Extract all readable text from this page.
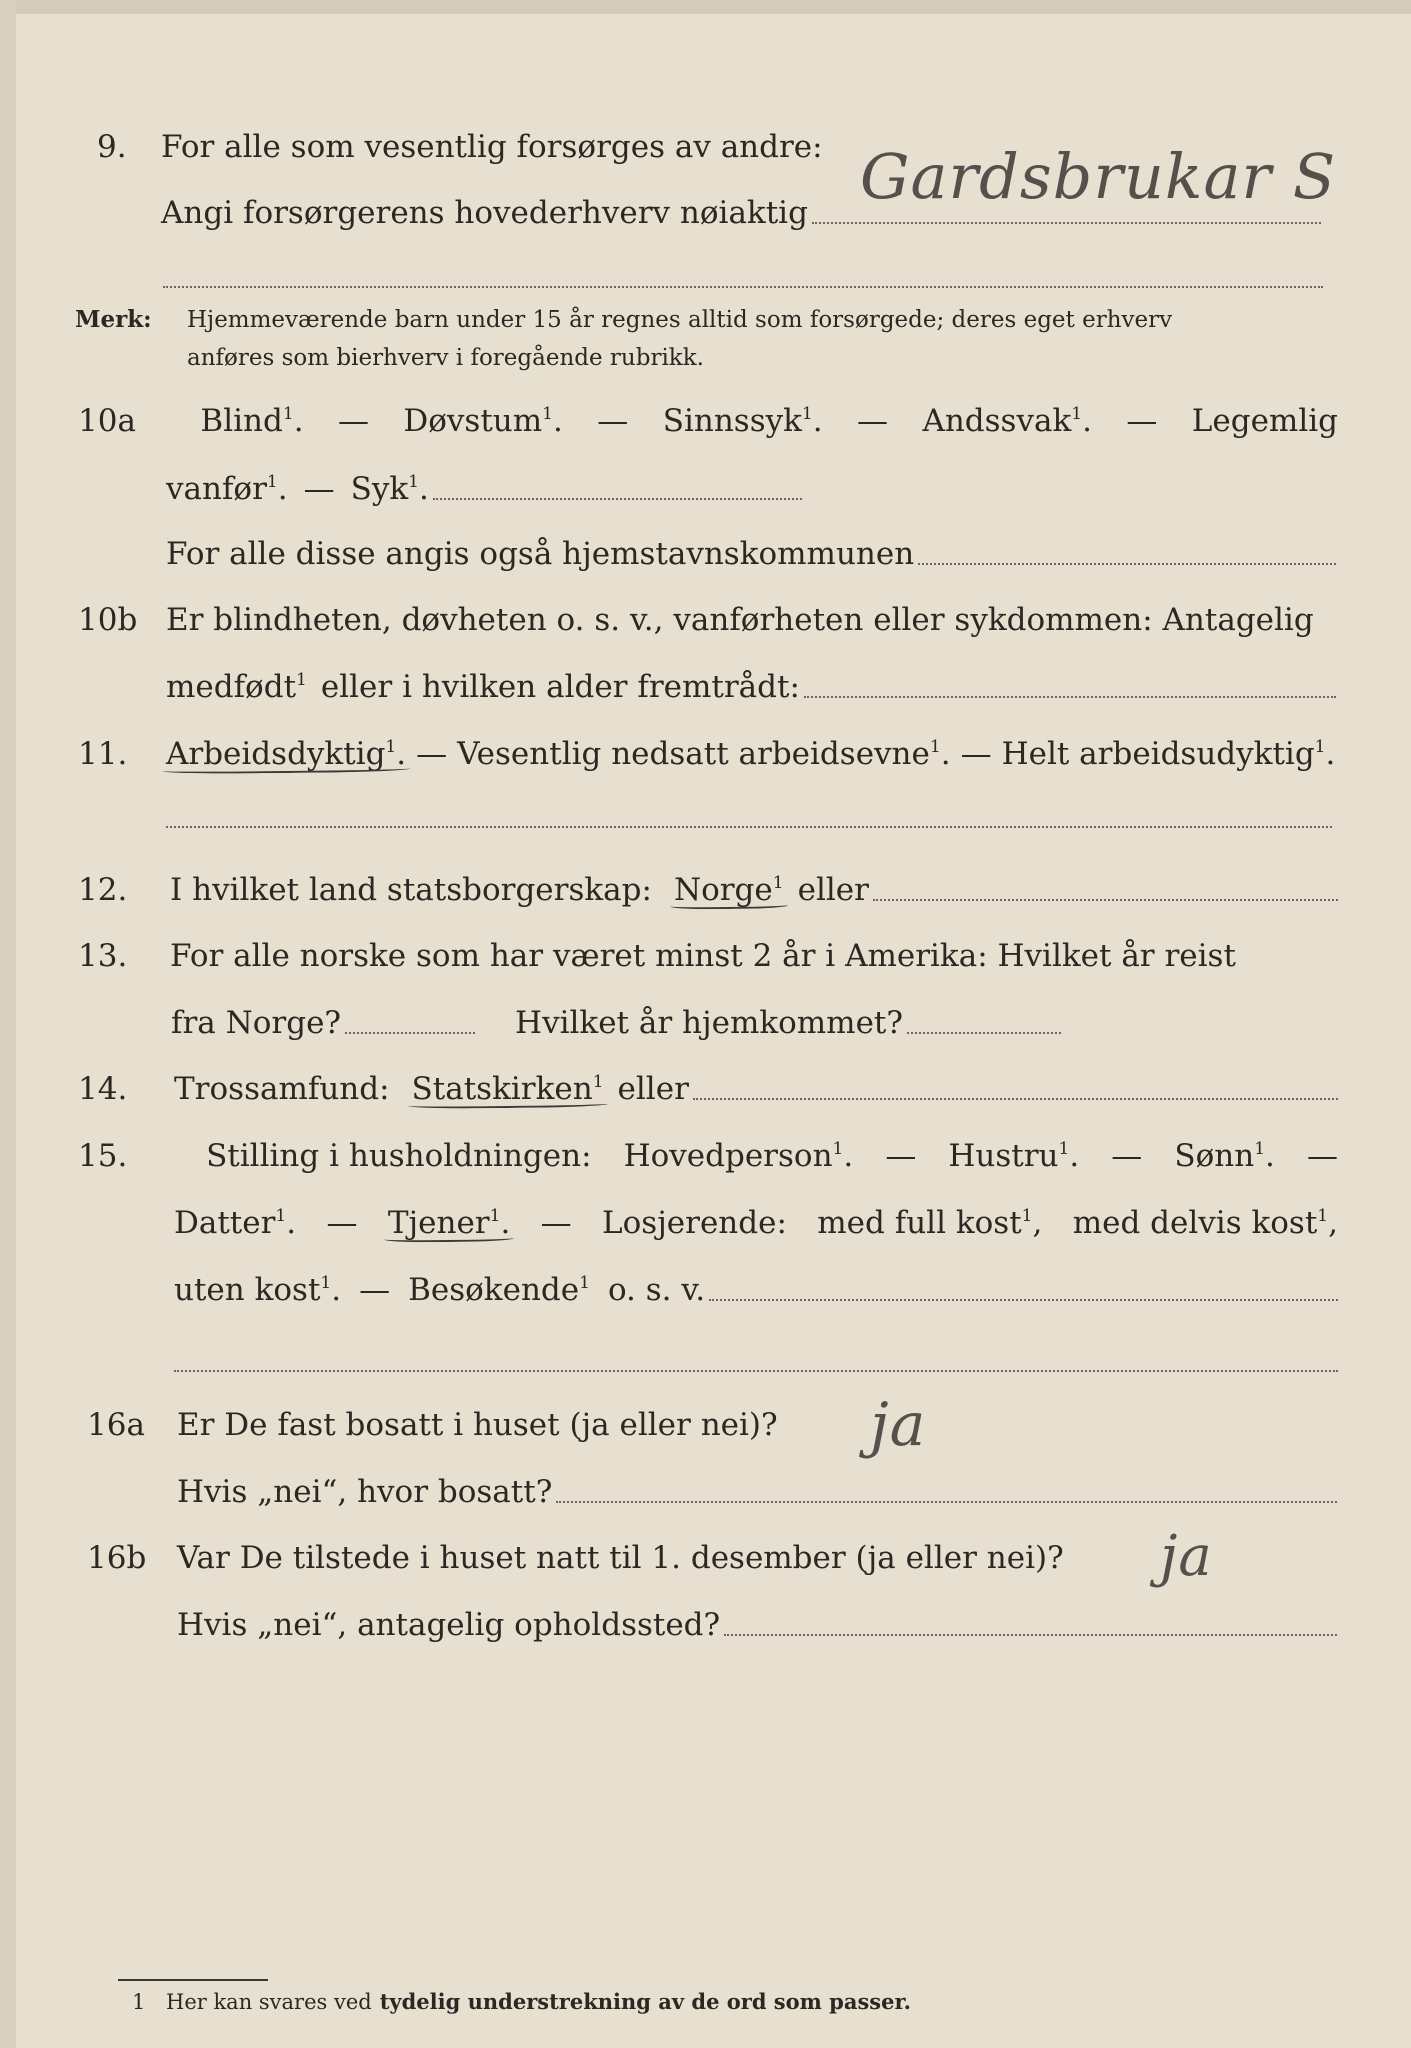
9.	For alle som vesentlig forsørges av andre:
Angi forsørgerens hovederhverv nøiaktig Gardsbrukar S
Merk:	Hjemmeværende barn under 15 år regnes alltid som forsørgede; deres eget erhverv
anføres som bierhverv i foregående rubrikk.
10a	Blind$^1$. — Døvstum$^1$. — Sinnssyk$^1$. — Andssvak$^1$. — Legemlig
vanfør$^1$. — Syk$^1$.
For alle disse angis også hjemstavnskommunen
10b Er blindheten, døvheten o. s. v., vanførheten eller sykdommen: Antagelig
medfødt$^1$ eller i hvilken alder fremtrådt:
11.	Arbeidsdyktig$^1$. — Vesentlig nedsatt arbeidsevne$^1$. — Helt arbeidsudyktig$^1$.
12.	I hvilket land statsborgerskap: Norge$^1$ eller
13.	For alle norske som har været minst 2 år i Amerika: Hvilket år reist
fra Norge?	Hvilket år hjemkommet?
14.	Trossamfund: Statskirken$^1$ eller
15.	Stilling i husholdningen: Hovedperson$^1$. — Hustru$^1$. — Sønn$^1$. —
Datter$^1$. — Tjener$^1$. — Losjerende: med full kost$^1$, med delvis kost$^1$,
uten kost$^1$. — Besøkende$^1$ o. s. v.
16a	Er De fast bosatt i huset (ja eller nei)? ja
Hvis „nei“, hvor bosatt?
16b Var De tilstede i huset natt til 1. desember (ja eller nei)? ja
Hvis „nei“, antagelig opholdssted?
1 Her kan svares ved tydelig understrekning av de ord som passer.
